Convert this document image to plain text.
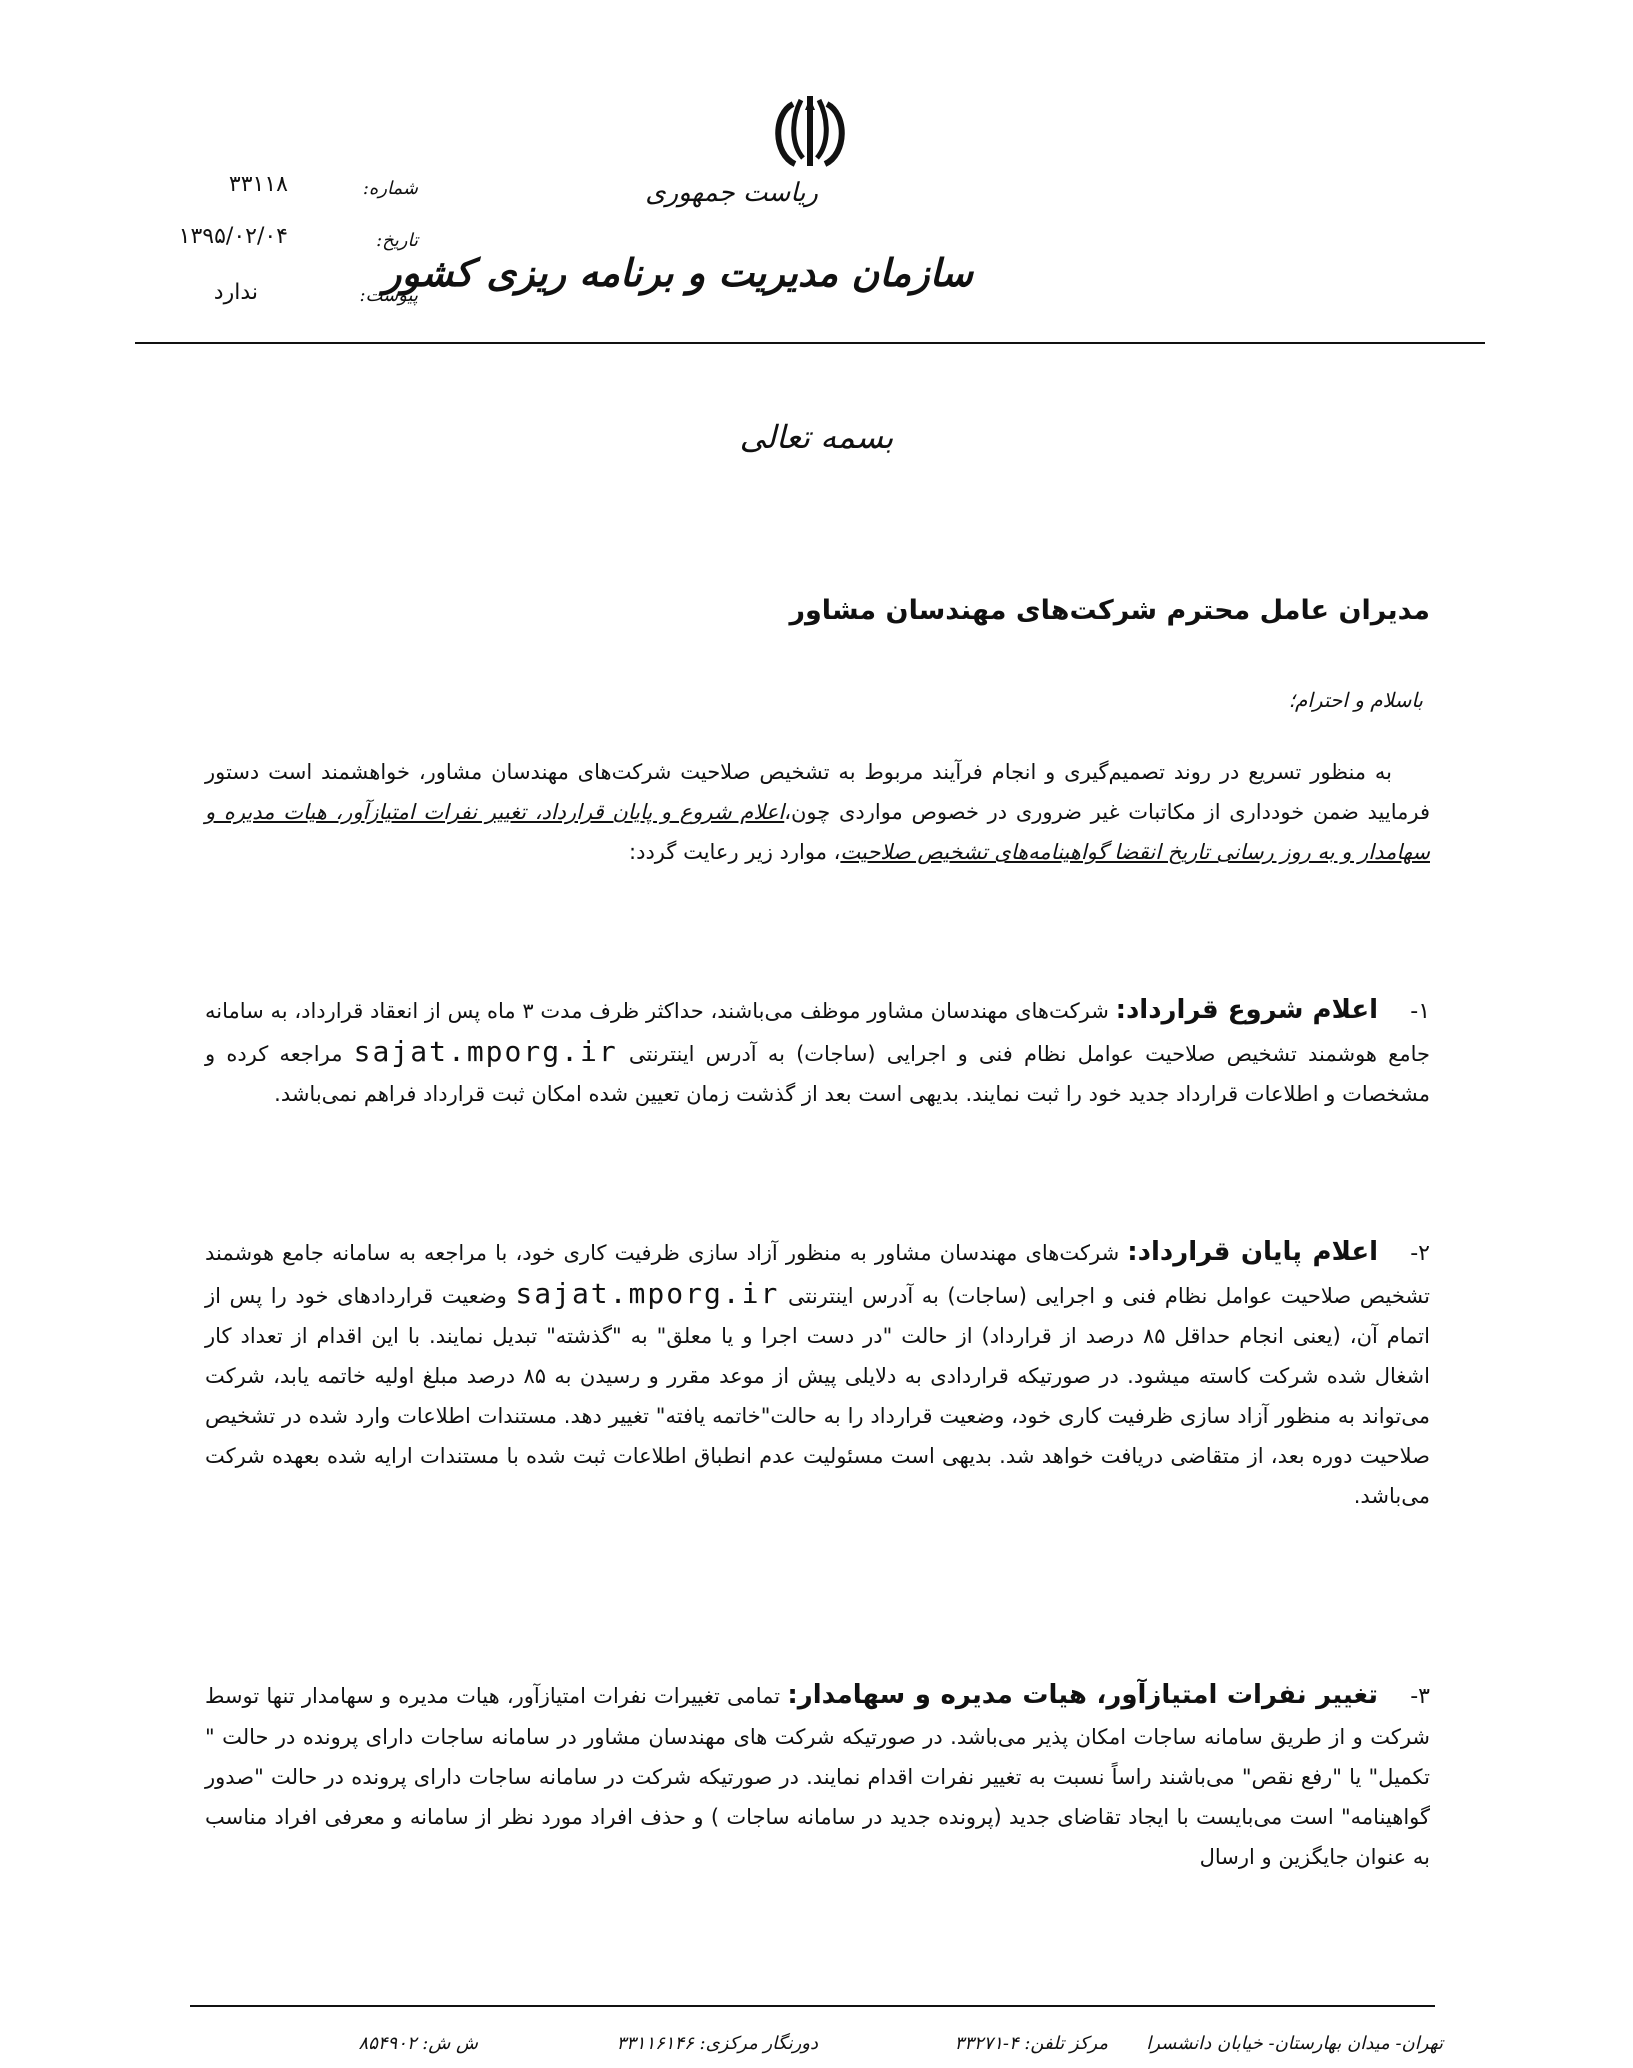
ریاست جمهوری
سازمان مدیریت و برنامه ریزی کشور
شماره:
۳۳۱۱۸
تاریخ:
۱۳۹۵/۰۲/۰۴
پیوست:
ندارد
بسمه تعالی
مدیران عامل محترم شرکت‌های مهندسان مشاور
باسلام و احترام؛
به منظور تسریع در روند تصمیم‌گیری و انجام فرآیند مربوط به تشخیص صلاحیت شرکت‌های مهندسان مشاور، خواهشمند است دستور فرمایید ضمن خودداری از مکاتبات غیر ضروری در خصوص مواردی چون،اعلام شروع و پایان قرارداد، تغییر نفرات امتیازآور، هیات مدیره و سهامدار و به روز رسانی تاریخ انقضا گواهینامه‌های تشخیص صلاحیت، موارد زیر رعایت گردد:
۱-اعلام شروع قرارداد: شرکت‌های مهندسان مشاور موظف می‌باشند، حداکثر ظرف مدت ۳ ماه پس از انعقاد قرارداد، به سامانه جامع هوشمند تشخیص صلاحیت عوامل نظام فنی و اجرایی (ساجات) به آدرس اینترنتی sajat.mporg.ir مراجعه کرده و مشخصات و اطلاعات قرارداد جدید خود را ثبت نمایند. بدیهی است بعد از گذشت زمان تعیین شده امکان ثبت قرارداد فراهم نمی‌باشد.
۲-اعلام پایان قرارداد: شرکت‌های مهندسان مشاور به منظور آزاد سازی ظرفیت کاری خود، با مراجعه به سامانه جامع هوشمند تشخیص صلاحیت عوامل نظام فنی و اجرایی (ساجات) به آدرس اینترنتی sajat.mporg.ir وضعیت قراردادهای خود را پس از اتمام آن، (یعنی انجام حداقل ۸۵ درصد از قرارداد) از حالت "در دست اجرا و یا معلق" به "گذشته" تبدیل نمایند. با این اقدام از تعداد کار اشغال شده شرکت کاسته میشود. در صورتیکه قراردادی به دلایلی پیش از موعد مقرر و رسیدن به ۸۵ درصد مبلغ اولیه خاتمه یابد، شرکت می‌تواند به منظور آزاد سازی ظرفیت کاری خود، وضعیت قرارداد را به حالت"خاتمه یافته" تغییر دهد. مستندات اطلاعات وارد شده در تشخیص صلاحیت دوره بعد، از متقاضی دریافت خواهد شد. بدیهی است مسئولیت عدم انطباق اطلاعات ثبت شده با مستندات ارایه شده بعهده شرکت می‌باشد.
۳-تغییر نفرات امتیازآور، هیات مدیره و سهامدار: تمامی تغییرات نفرات امتیازآور، هیات مدیره و سهامدار تنها توسط شرکت و از طریق سامانه ساجات امکان پذیر می‌باشد. در صورتیکه شرکت های مهندسان مشاور در سامانه ساجات دارای پرونده در حالت " تکمیل" یا "رفع نقص" می‌باشند راساً نسبت به تغییر نفرات اقدام نمایند. در صورتیکه شرکت در سامانه ساجات دارای پرونده در حالت "صدور گواهینامه" است می‌بایست با ایجاد تقاضای جدید (پرونده جدید در سامانه ساجات ) و حذف افراد مورد نظر از سامانه و معرفی افراد مناسب به عنوان جایگزین و ارسال
تهران- میدان بهارستان- خیابان دانشسرا
مرکز تلفن: ۴-۳۳۲۷۱
دورنگار مرکزی: ۳۳۱۱۶۱۴۶
ش ش: ۸۵۴۹۰۲
